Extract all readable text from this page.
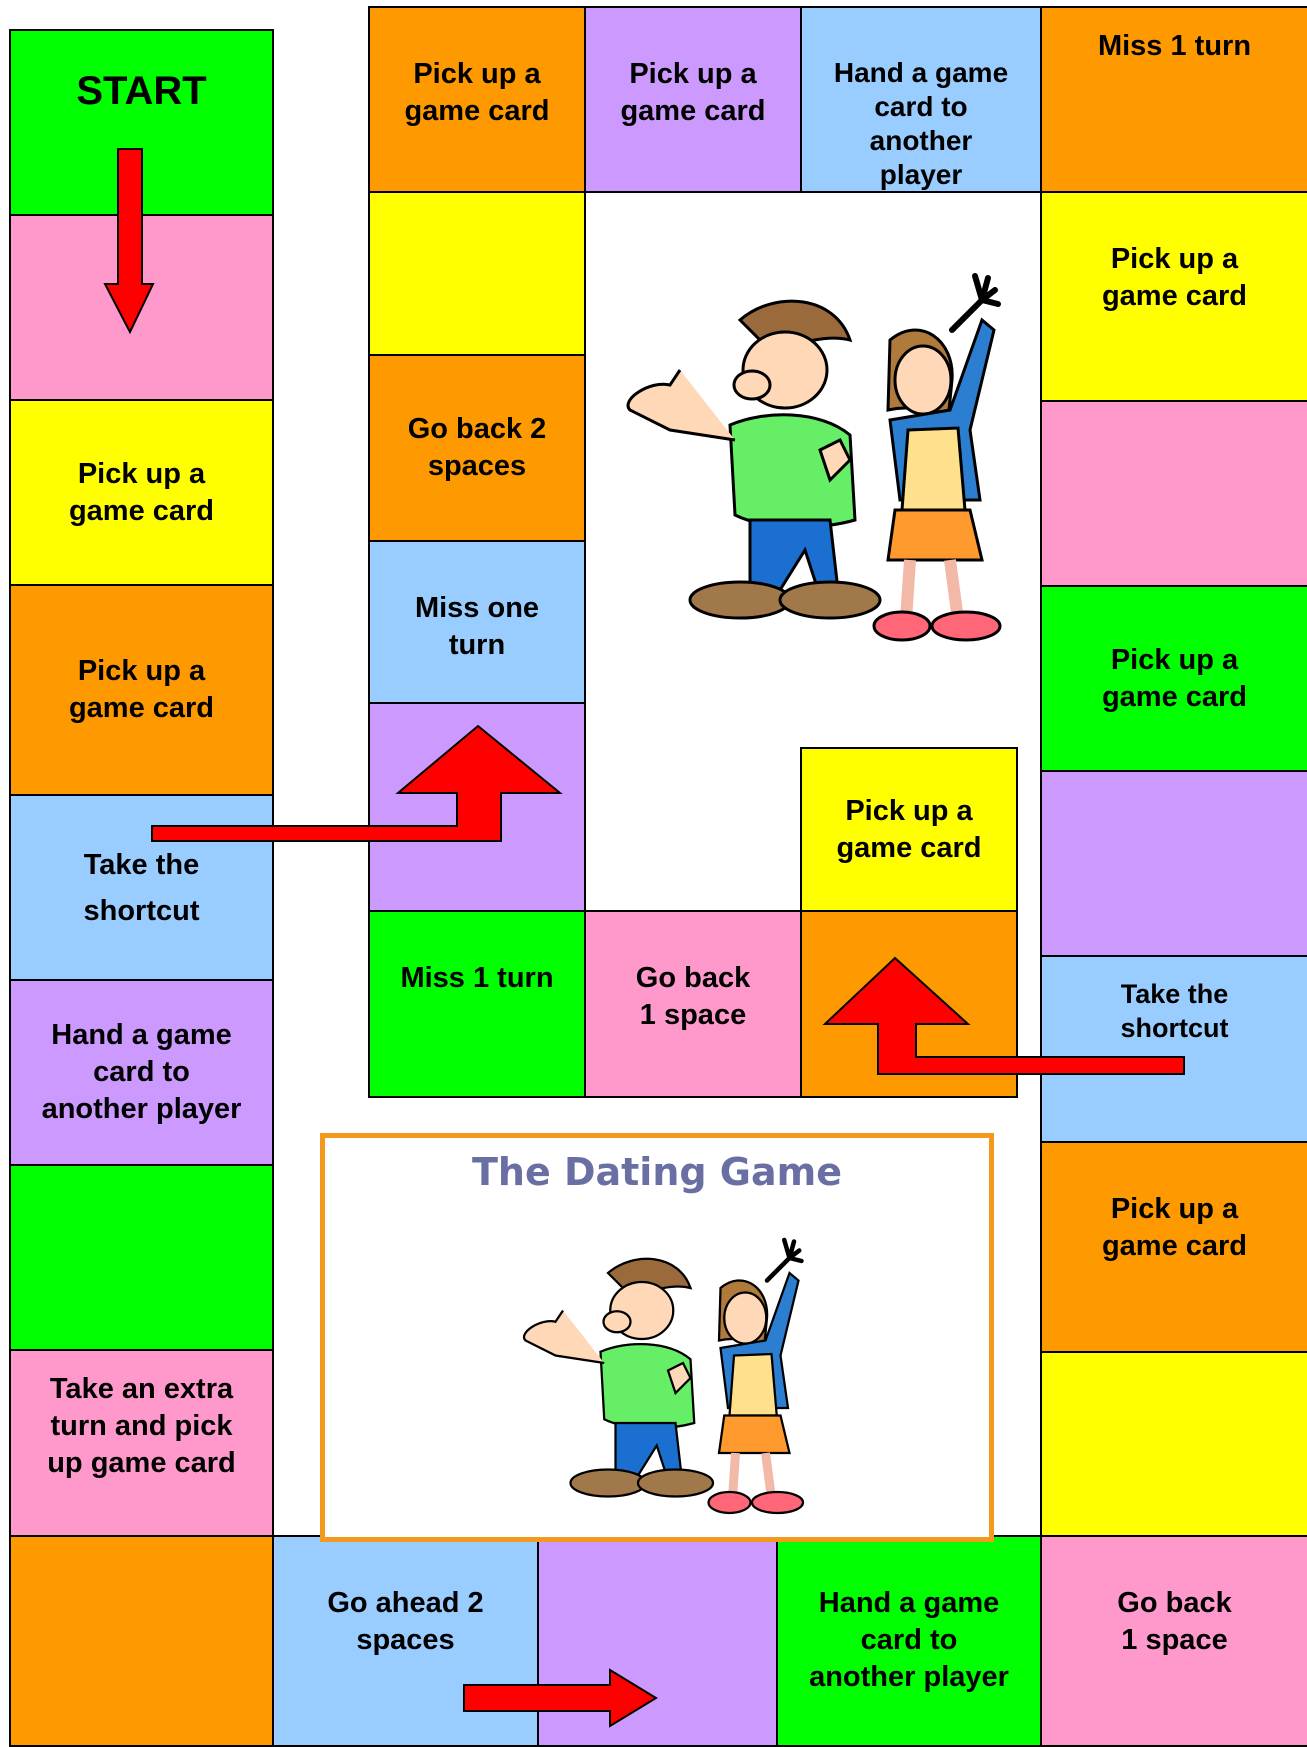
START
Pick up a
game card
Pick up a
game card
Take the
shortcut
Hand a game
card to
another player
Take an extra
turn and pick
up game card
Go ahead 2
spaces
Hand a game
card to
another player
Go back
1 space
Miss 1 turn
Pick up a
game card
Pick up a
game card
Take the
shortcut
Pick up a
game card
Pick up a
game card
Pick up a
game card
Hand a game
card to
another
player
Go back 2
spaces
Miss one
turn
Miss 1 turn	Go back
1 space
Pick up a
game card
The Dating Game
